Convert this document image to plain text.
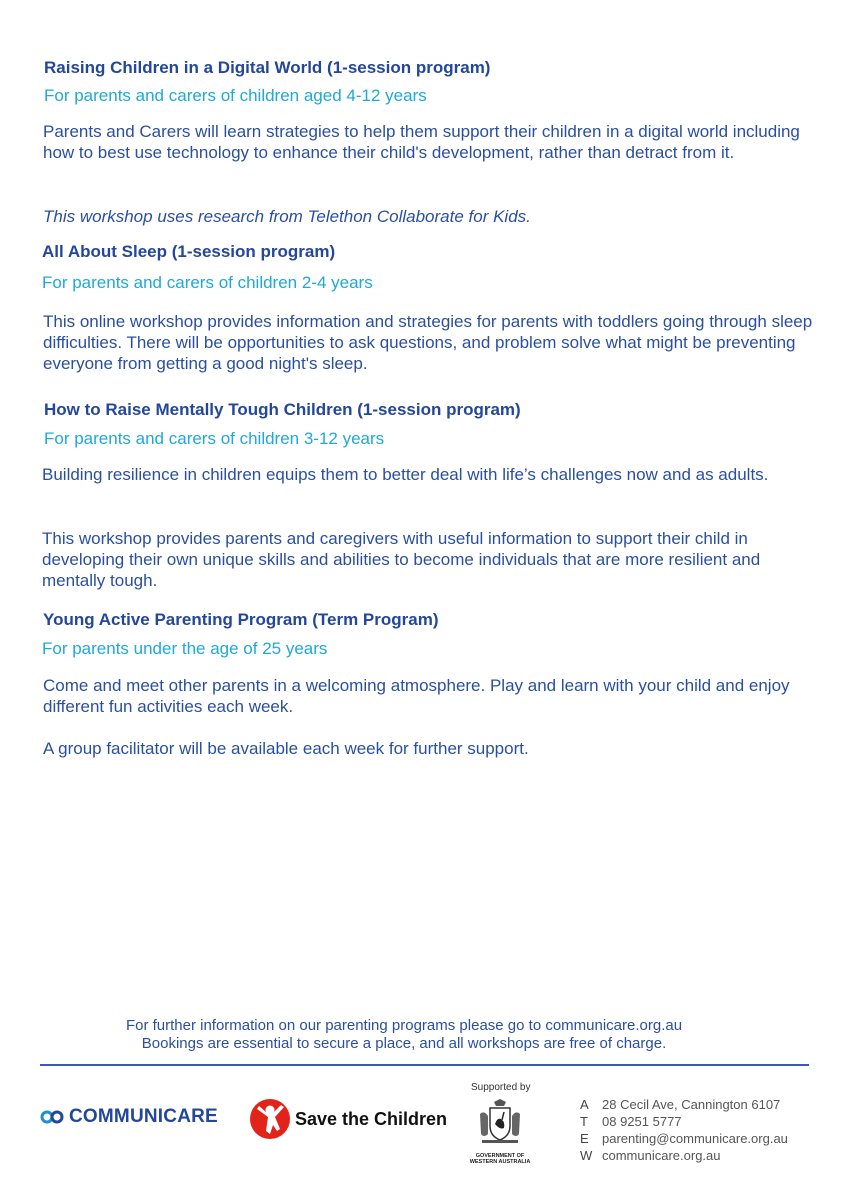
Raising Children in a Digital World (1-session program)
For parents and carers of children aged 4-12 years
Parents and Carers will learn strategies to help them support their children in a digital world including how to best use technology to enhance their child's development, rather than detract from it.
This workshop uses research from Telethon Collaborate for Kids.
All About Sleep (1-session program)
For parents and carers of children 2-4 years
This online workshop provides information and strategies for parents with toddlers going through sleep difficulties. There will be opportunities to ask questions, and problem solve what might be preventing everyone from getting a good night's sleep.
How to Raise Mentally Tough Children (1-session program)
For parents and carers of children 3-12 years
Building resilience in children equips them to better deal with life’s challenges now and as adults.
This workshop provides parents and caregivers with useful information to support their child in developing their own unique skills and abilities to become individuals that are more resilient and mentally tough.
Young Active Parenting Program (Term Program)
For parents under the age of 25 years
Come and meet other parents in a welcoming atmosphere. Play and learn with your child and enjoy different fun activities each week.
A group facilitator will be available each week for further support.
For further information on our parenting programs please go to communicare.org.au
Bookings are essential to secure a place, and all workshops are free of charge.
COMMUNICARE	Save the Children
Supported by
GOVERNMENT OF
WESTERN AUSTRALIA
A 28 Cecil Ave, Cannington 6107
T 08 9251 5777
E parenting@communicare.org.au
W communicare.org.au
